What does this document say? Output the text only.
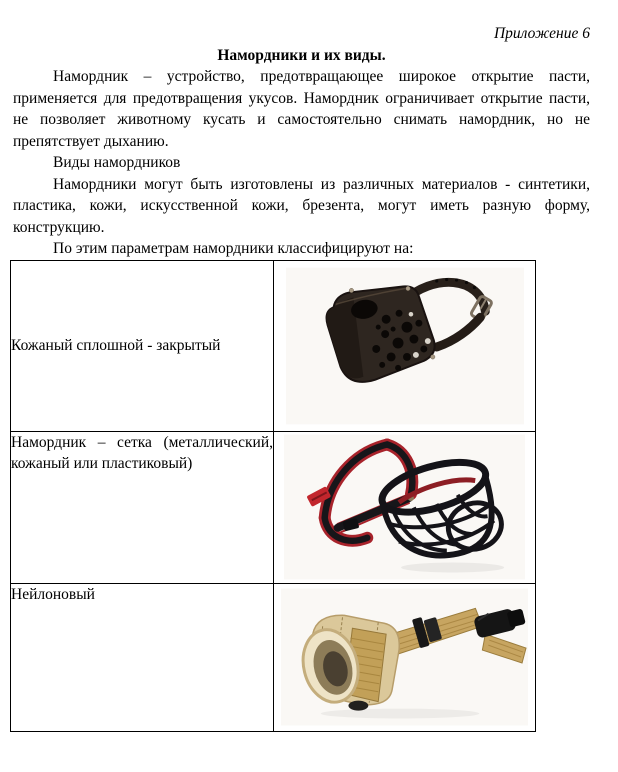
Приложение 6

Намордники и их виды.

Намордник – устройство, предотвращающее широкое открытие пасти, применяется для предотвращения укусов. Намордник ограничивает открытие пасти, не позволяет животному кусать и самостоятельно снимать намордник, но не препятствует дыханию.

Виды намордников

Намордники могут быть изготовлены из различных материалов - синтетики, пластика, кожи, искусственной кожи, брезента, могут иметь разную форму, конструкцию.

По этим параметрам намордники классифицируют на:

Кожаный сплошной - закрытый	

Намордник – сетка (металлический, кожаный или пластиковый)	

Нейлоновый	
